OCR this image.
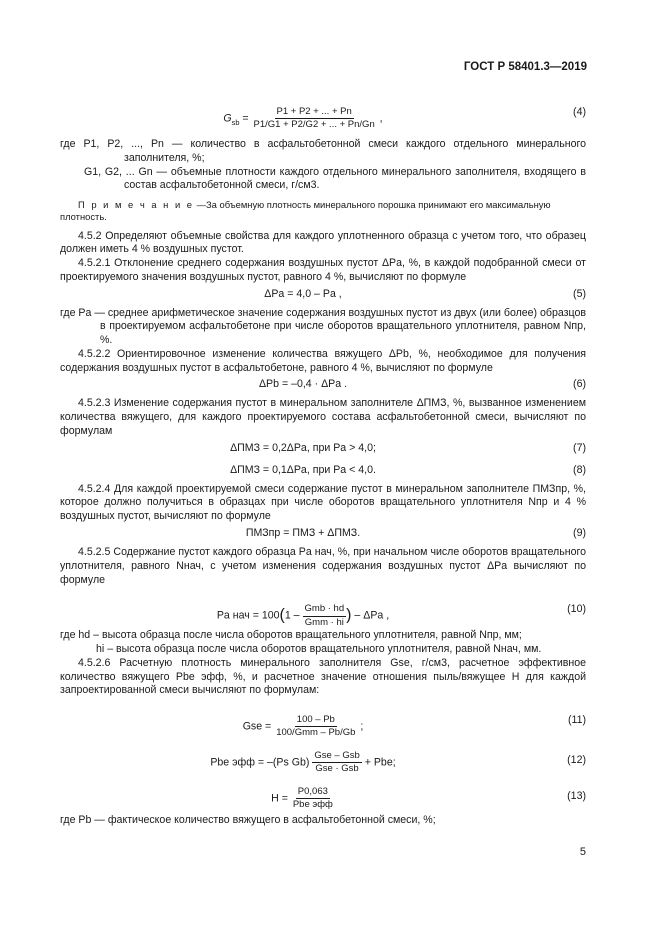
ГОСТ Р 58401.3—2019
$G_{sb} = \frac{P1 + P2 + ... + Pn}{P1/G1 + P2/G2 + ... + Pn/Gn}$ ,
(4)

где P1, P2, ..., Pn — количество в асфальтобетонной смеси каждого отдельного минерального заполнителя, %;

G1, G2, ... Gn — объемные плотности каждого отдельного минерального заполнителя, входящего в состав асфальтобетонной смеси, г/см3.

П р и м е ч а н и е —За объемную плотность минерального порошка принимают его максимальную плотность.

4.5.2 Определяют объемные свойства для каждого уплотненного образца с учетом того, что образец должен иметь 4 % воздушных пустот.

4.5.2.1 Отклонение среднего содержания воздушных пустот ΔPa, %, в каждой подобранной смеси от проектируемого значения воздушных пустот, равного 4 %, вычисляют по формуле

ΔPa = 4,0 – Pa ,	(5)

где Pa — среднее арифметическое значение содержания воздушных пустот из двух (или более) образцов в проектируемом асфальтобетоне при числе оборотов вращательного уплотнителя, равном Nпр, %.

4.5.2.2 Ориентировочное изменение количества вяжущего ΔPb, %, необходимое для получения содержания воздушных пустот в асфальтобетоне, равного 4 %, вычисляют по формуле

ΔPb = –0,4 · ΔPa .	(6)

4.5.2.3 Изменение содержания пустот в минеральном заполнителе ΔПМЗ, %, вызванное изменением количества вяжущего, для каждого проектируемого состава асфальтобетонной смеси, вычисляют по формулам

ΔПМЗ = 0,2ΔPa, при Pa > 4,0;	(7)
ΔПМЗ = 0,1ΔPa, при Pa < 4,0.	(8)

4.5.2.4 Для каждой проектируемой смеси содержание пустот в минеральном заполнителе ПМЗпр, %, которое должно получиться в образцах при числе оборотов вращательного уплотнителя Nпр и 4 % воздушных пустот, вычисляют по формуле

ПМЗпр = ПМЗ + ΔПМЗ.	(9)

4.5.2.5 Содержание пустот каждого образца Pa нач, %, при начальном числе оборотов вращательного уплотнителя, равного Nнач, с учетом изменения содержания воздушных пустот ΔPa вычисляют по формуле

Pa нач = $100(1 - \frac{\text{Gmb · hd}}{\text{Gmm · hi}}$ ) – ΔPa ,
(10)

где hd – высота образца после числа оборотов вращательного уплотнителя, равной Nпр, мм;

hi – высота образца после числа оборотов вращательного уплотнителя, равной Nнач, мм.

4.5.2.6 Расчетную плотность минерального заполнителя Gse, г/см3, расчетное эффективное количество вяжущего Pbe эфф, %, и расчетное значение отношения пыль/вяжущее H для каждой запроектированной смеси вычисляют по формулам:

Gse = $\frac{100 - Pb}{\text{100/Gmm – Pb/Gb}}$ ;
(11)
Pbe эфф = –(Ps $Gb) \frac{\text{Gse – Gsb}}{\text{Gse · Gsb}}$ + Pbe;	(12)
$H = \frac{P0,063}{\text{Pbe эфф}}$	(13)

где Pb — фактическое количество вяжущего в асфальтобетонной смеси, %;

5
